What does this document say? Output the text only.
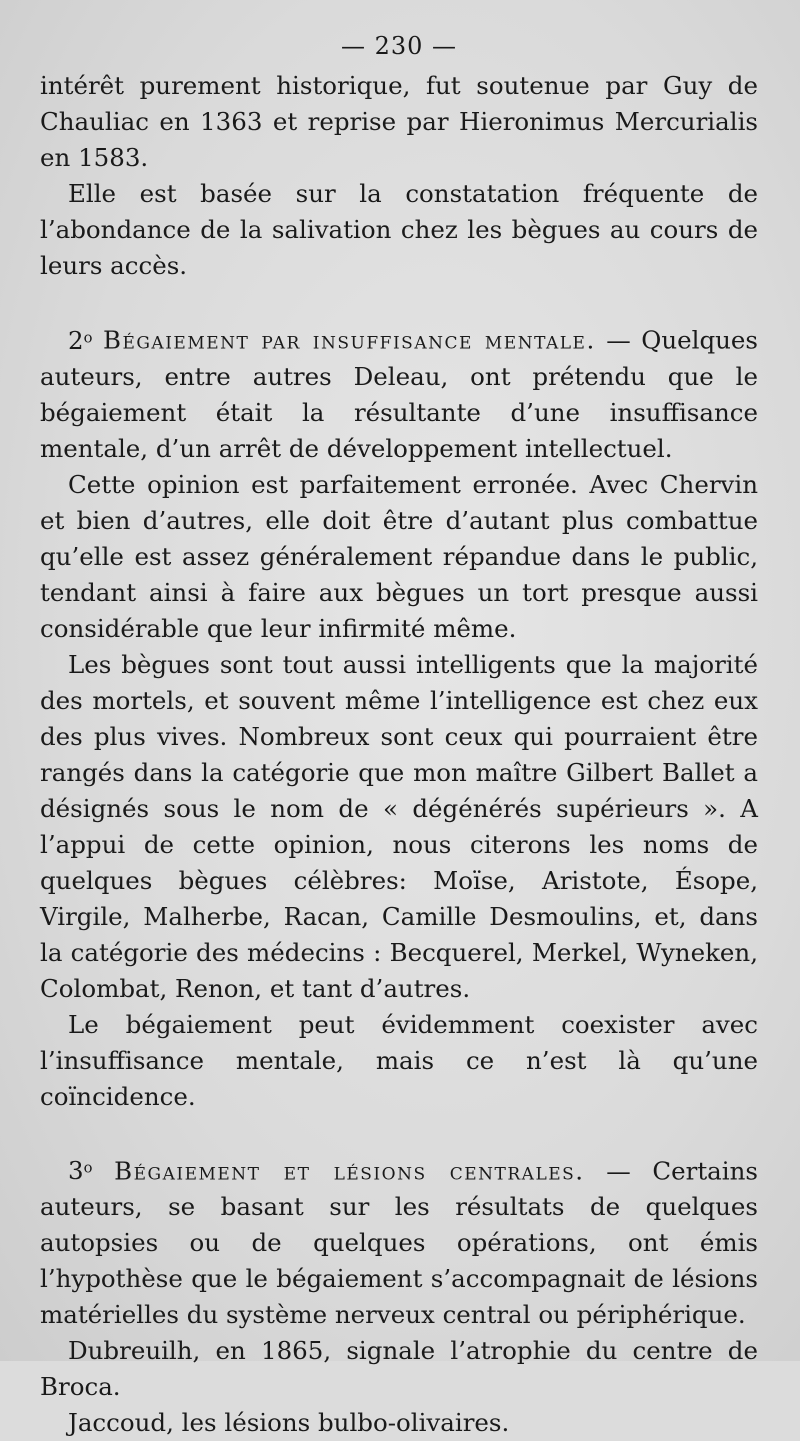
— 230 —

intérêt purement historique, fut soutenue par Guy de Chauliac en 1363 et reprise par Hieronimus Mercurialis en 1583.

Elle est basée sur la constatation fréquente de l’abondance de la salivation chez les bègues au cours de leurs accès.

2$^o$ Bégaiement par insuffisance mentale. — Quelques auteurs, entre autres Deleau, ont prétendu que le bégaiement était la résultante d’une insuffisance mentale, d’un arrêt de développement intellectuel.

Cette opinion est parfaitement erronée. Avec Chervin et bien d’autres, elle doit être d’autant plus combattue qu’elle est assez généralement répandue dans le public, tendant ainsi à faire aux bègues un tort presque aussi considérable que leur infirmité même.

Les bègues sont tout aussi intelligents que la majorité des mortels, et souvent même l’intelligence est chez eux des plus vives. Nombreux sont ceux qui pourraient être rangés dans la catégorie que mon maître Gilbert Ballet a désignés sous le nom de « dégénérés supérieurs ». A l’appui de cette opinion, nous citerons les noms de quelques bègues célèbres: Moïse, Aristote, Ésope, Virgile, Malherbe, Racan, Camille Desmoulins, et, dans la catégorie des médecins : Becquerel, Merkel, Wyneken, Colombat, Renon, et tant d’autres.

Le bégaiement peut évidemment coexister avec l’insuffisance mentale, mais ce n’est là qu’une coïncidence.

3$^o$ Bégaiement et lésions centrales. — Certains auteurs, se basant sur les résultats de quelques autopsies ou de quelques opérations, ont émis l’hypothèse que le bégaiement s’accompagnait de lésions matérielles du système nerveux central ou périphérique.

Dubreuilh, en 1865, signale l’atrophie du centre de Broca.

Jaccoud, les lésions bulbo-olivaires.
